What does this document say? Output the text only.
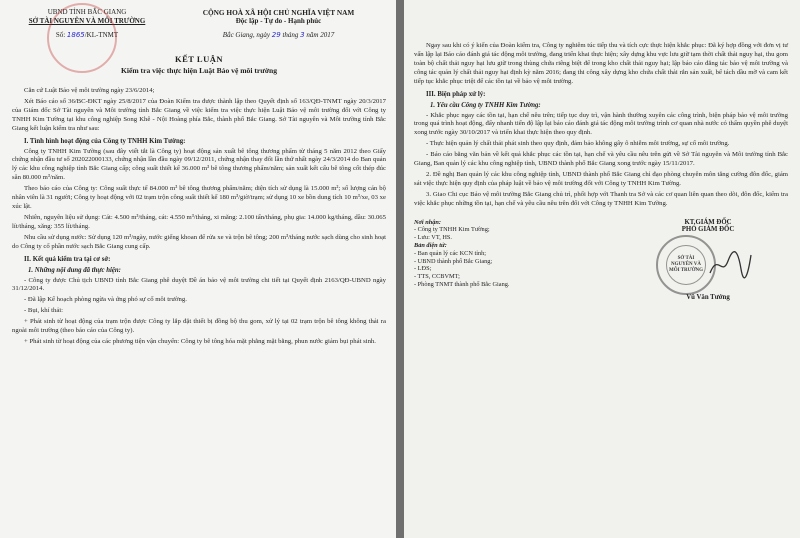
UBND TỈNH BẮC GIANG
SỞ TÀI NGUYÊN VÀ MÔI TRƯỜNG
Số: 1865/KL-TNMT
CỘNG HOÀ XÃ HỘI CHỦ NGHĨA VIỆT NAM
Độc lập - Tự do - Hạnh phúc
Bắc Giang, ngày 29 tháng 3 năm 2017
KẾT LUẬN
Kiểm tra việc thực hiện Luật Bảo vệ môi trường

Căn cứ Luật Bảo vệ môi trường ngày 23/6/2014;

Xét Báo cáo số 36/BC-ĐKT ngày 25/8/2017 của Đoàn Kiểm tra được thành lập theo Quyết định số 163/QĐ-TNMT ngày 20/3/2017 của Giám đốc Sở Tài nguyên và Môi trường tỉnh Bắc Giang về việc kiểm tra việc thực hiện Luật Bảo vệ môi trường đối với Công ty TNHH Kim Tường tại khu công nghiệp Song Khê - Nội Hoàng phía Bắc, thành phố Bắc Giang. Sở Tài nguyên và Môi trường tỉnh Bắc Giang kết luận kiểm tra như sau:

I. Tình hình hoạt động của Công ty TNHH Kim Tường:

Công ty TNHH Kim Tường (sau đây viết tắt là Công ty) hoạt động sản xuất bê tông thương phẩm từ tháng 5 năm 2012 theo Giấy chứng nhận đầu tư số 202022000133, chứng nhận lần đầu ngày 09/12/2011, chứng nhận thay đổi lần thứ nhất ngày 24/3/2014 do Ban quản lý các khu công nghiệp tỉnh Bắc Giang cấp; công suất thiết kế 36.000 m³ bê tông thương phẩm/năm; sản xuất kết cấu bê tông cốt thép đúc sẵn 80.000 m³/năm.

Theo báo cáo của Công ty: Công suất thực tế 84.000 m³ bê tông thương phẩm/năm; diện tích sử dụng là 15.000 m²; số lượng cán bộ nhân viên là 31 người; Công ty hoạt động với 02 trạm trộn công suất thiết kế 180 m³/giờ/trạm; sử dụng 10 xe bồn dung tích 10 m³/xe, 03 xe xúc lật.

Nhiên, nguyên liệu sử dụng: Cát: 4.500 m³/tháng, cát: 4.550 m³/tháng, xi măng: 2.100 tấn/tháng, phụ gia: 14.000 kg/tháng, dầu: 30.065 lít/tháng, xăng: 355 lít/tháng.

Nhu cầu sử dụng nước: Sử dụng 120 m³/ngày, nước giếng khoan để rửa xe và trộn bê tông; 200 m³/tháng nước sạch dùng cho sinh hoạt do Công ty cổ phần nước sạch Bắc Giang cung cấp.

II. Kết quả kiểm tra tại cơ sở:
1. Những nội dung đã thực hiện:

- Công ty được Chủ tịch UBND tỉnh Bắc Giang phê duyệt Đề án bảo vệ môi trường chi tiết tại Quyết định 2163/QĐ-UBND ngày 31/12/2014.

- Đã lập Kế hoạch phòng ngừa và ứng phó sự cố môi trường.

- Bụi, khí thải:

+ Phát sinh từ hoạt động của trạm trộn được Công ty lắp đặt thiết bị đồng bộ thu gom, xử lý tại 02 trạm trộn bê tông không thải ra ngoài môi trường (theo báo cáo của Công ty).

+ Phát sinh từ hoạt động của các phương tiện vận chuyển: Công ty bê tông hóa mặt phẳng mặt bằng, phun nước giảm bụi phát sinh.

Ngay sau khi có ý kiến của Đoàn kiểm tra, Công ty nghiêm túc tiếp thu và tích cực thực hiện khắc phục: Đã ký hợp đồng với đơn vị tư vấn lập lại Báo cáo đánh giá tác động môi trường, đang triển khai thực hiện; xây dựng khu vực lưu giữ tạm thời chất thải nguy hại, thu gom toàn bộ chất thải nguy hại lưu giữ trong thùng chứa riêng biệt để trong kho chất thải nguy hại; lập báo cáo đăng tác bảo vệ môi trường và công tác quản lý chất thải nguy hại định kỳ năm 2016; đang thi công xây dựng kho chứa chất thải rắn sản xuất, bể tách dầu mỡ và cam kết tiếp tục khắc phục triệt để các tồn tại về bảo vệ môi trường.

III. Biện pháp xử lý:
1. Yêu cầu Công ty TNHH Kim Tường:

- Khắc phục ngay các tồn tại, hạn chế nêu trên; tiếp tục duy trì, vận hành thường xuyên các công trình, biện pháp bảo vệ môi trường trong quá trình hoạt động, đẩy nhanh tiến độ lập lại báo cáo đánh giá tác động môi trường trình cơ quan nhà nước có thẩm quyền phê duyệt xong trước ngày 30/10/2017 và triển khai thực hiện theo quy định.

- Thực hiện quản lý chất thải phát sinh theo quy định, đảm bảo không gây ô nhiễm môi trường, sự cố môi trường.

- Báo cáo bằng văn bản về kết quả khắc phục các tồn tại, hạn chế và yêu cầu nêu trên gửi về Sở Tài nguyên và Môi trường tỉnh Bắc Giang, Ban quản lý các khu công nghiệp tỉnh, UBND thành phố Bắc Giang xong trước ngày 15/11/2017.

2. Đề nghị Ban quản lý các khu công nghiệp tỉnh, UBND thành phố Bắc Giang chỉ đạo phòng chuyên môn tăng cường đôn đốc, giám sát việc thực hiện quy định của pháp luật về bảo vệ môi trường đối với Công ty TNHH Kim Tường.

3. Giao Chi cục Bảo vệ môi trường Bắc Giang chủ trì, phối hợp với Thanh tra Sở và các cơ quan liên quan theo dõi, đôn đốc, kiểm tra việc khắc phục những tồn tại, hạn chế và yêu cầu nêu trên đối với Công ty TNHH Kim Tường.

Nơi nhận:
- Công ty TNHH Kim Tường;
- Lưu: VT, HS.
Bản điện tử:
- Ban quản lý các KCN tỉnh;
- UBND thành phố Bắc Giang;
- LĐS;
- TTS, CCBVMT;
- Phòng TNMT thành phố Bắc Giang.
KT.GIÁM ĐỐC
PHÓ GIÁM ĐỐC
SỞ TÀI NGUYÊN VÀ MÔI TRƯỜNG
Vũ Văn Tưởng
